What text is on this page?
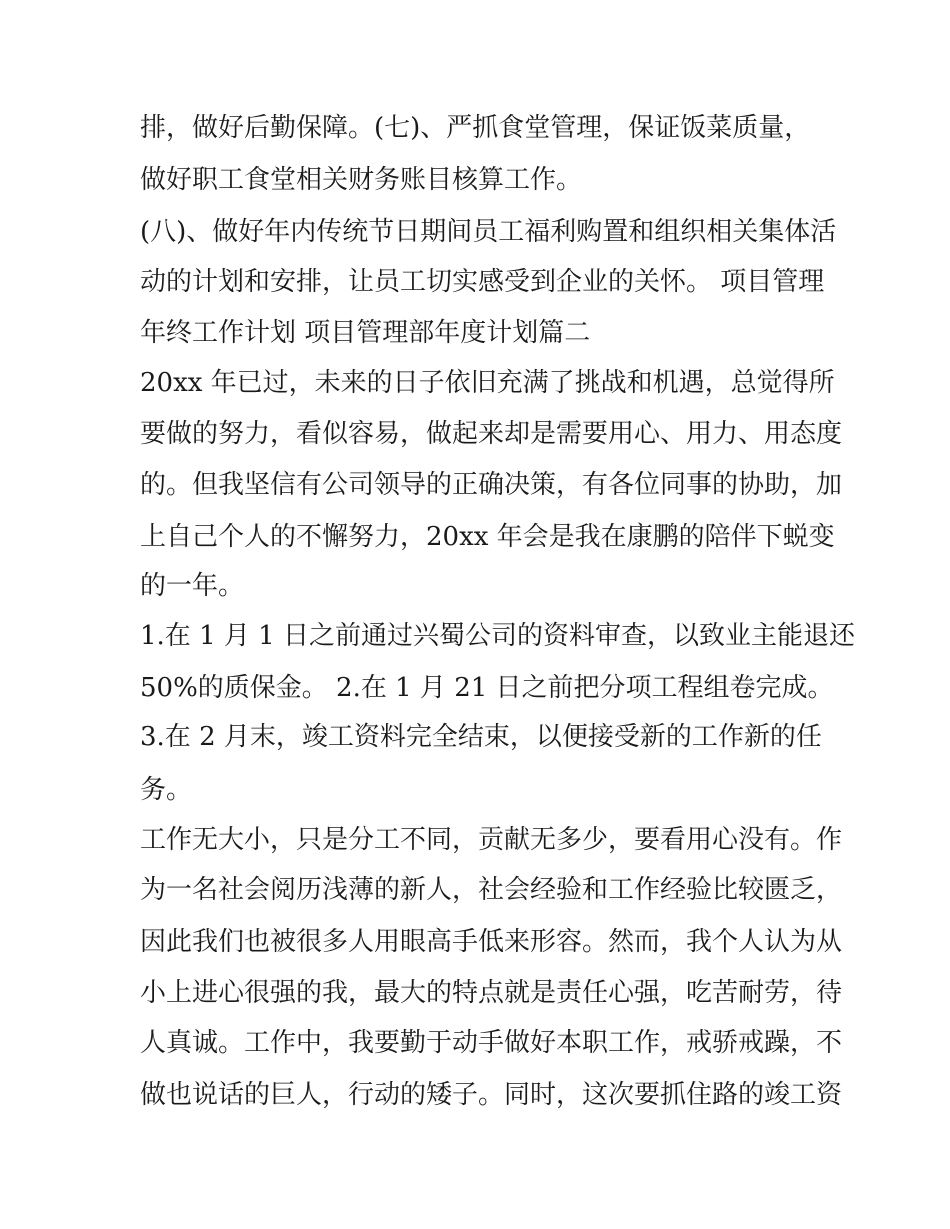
排，做好后勤保障。(七)、严抓食堂管理，保证饭菜质量，
做好职工食堂相关财务账目核算工作。
(八)、做好年内传统节日期间员工福利购置和组织相关集体活
动的计划和安排，让员工切实感受到企业的关怀。 项目管理
年终工作计划 项目管理部年度计划篇二
20xx 年已过，未来的日子依旧充满了挑战和机遇，总觉得所
要做的努力，看似容易，做起来却是需要用心、用力、用态度
的。但我坚信有公司领导的正确决策，有各位同事的协助，加
上自己个人的不懈努力，20xx 年会是我在康鹏的陪伴下蜕变
的一年。
1.在 1 月 1 日之前通过兴蜀公司的资料审查，以致业主能退还
50%的质保金。 2.在 1 月 21 日之前把分项工程组卷完成。
3.在 2 月末，竣工资料完全结束，以便接受新的工作新的任
务。
工作无大小，只是分工不同，贡献无多少，要看用心没有。作
为一名社会阅历浅薄的新人，社会经验和工作经验比较匮乏，
因此我们也被很多人用眼高手低来形容。然而，我个人认为从
小上进心很强的我，最大的特点就是责任心强，吃苦耐劳，待
人真诚。工作中，我要勤于动手做好本职工作，戒骄戒躁，不
做也说话的巨人，行动的矮子。同时，这次要抓住路的竣工资
